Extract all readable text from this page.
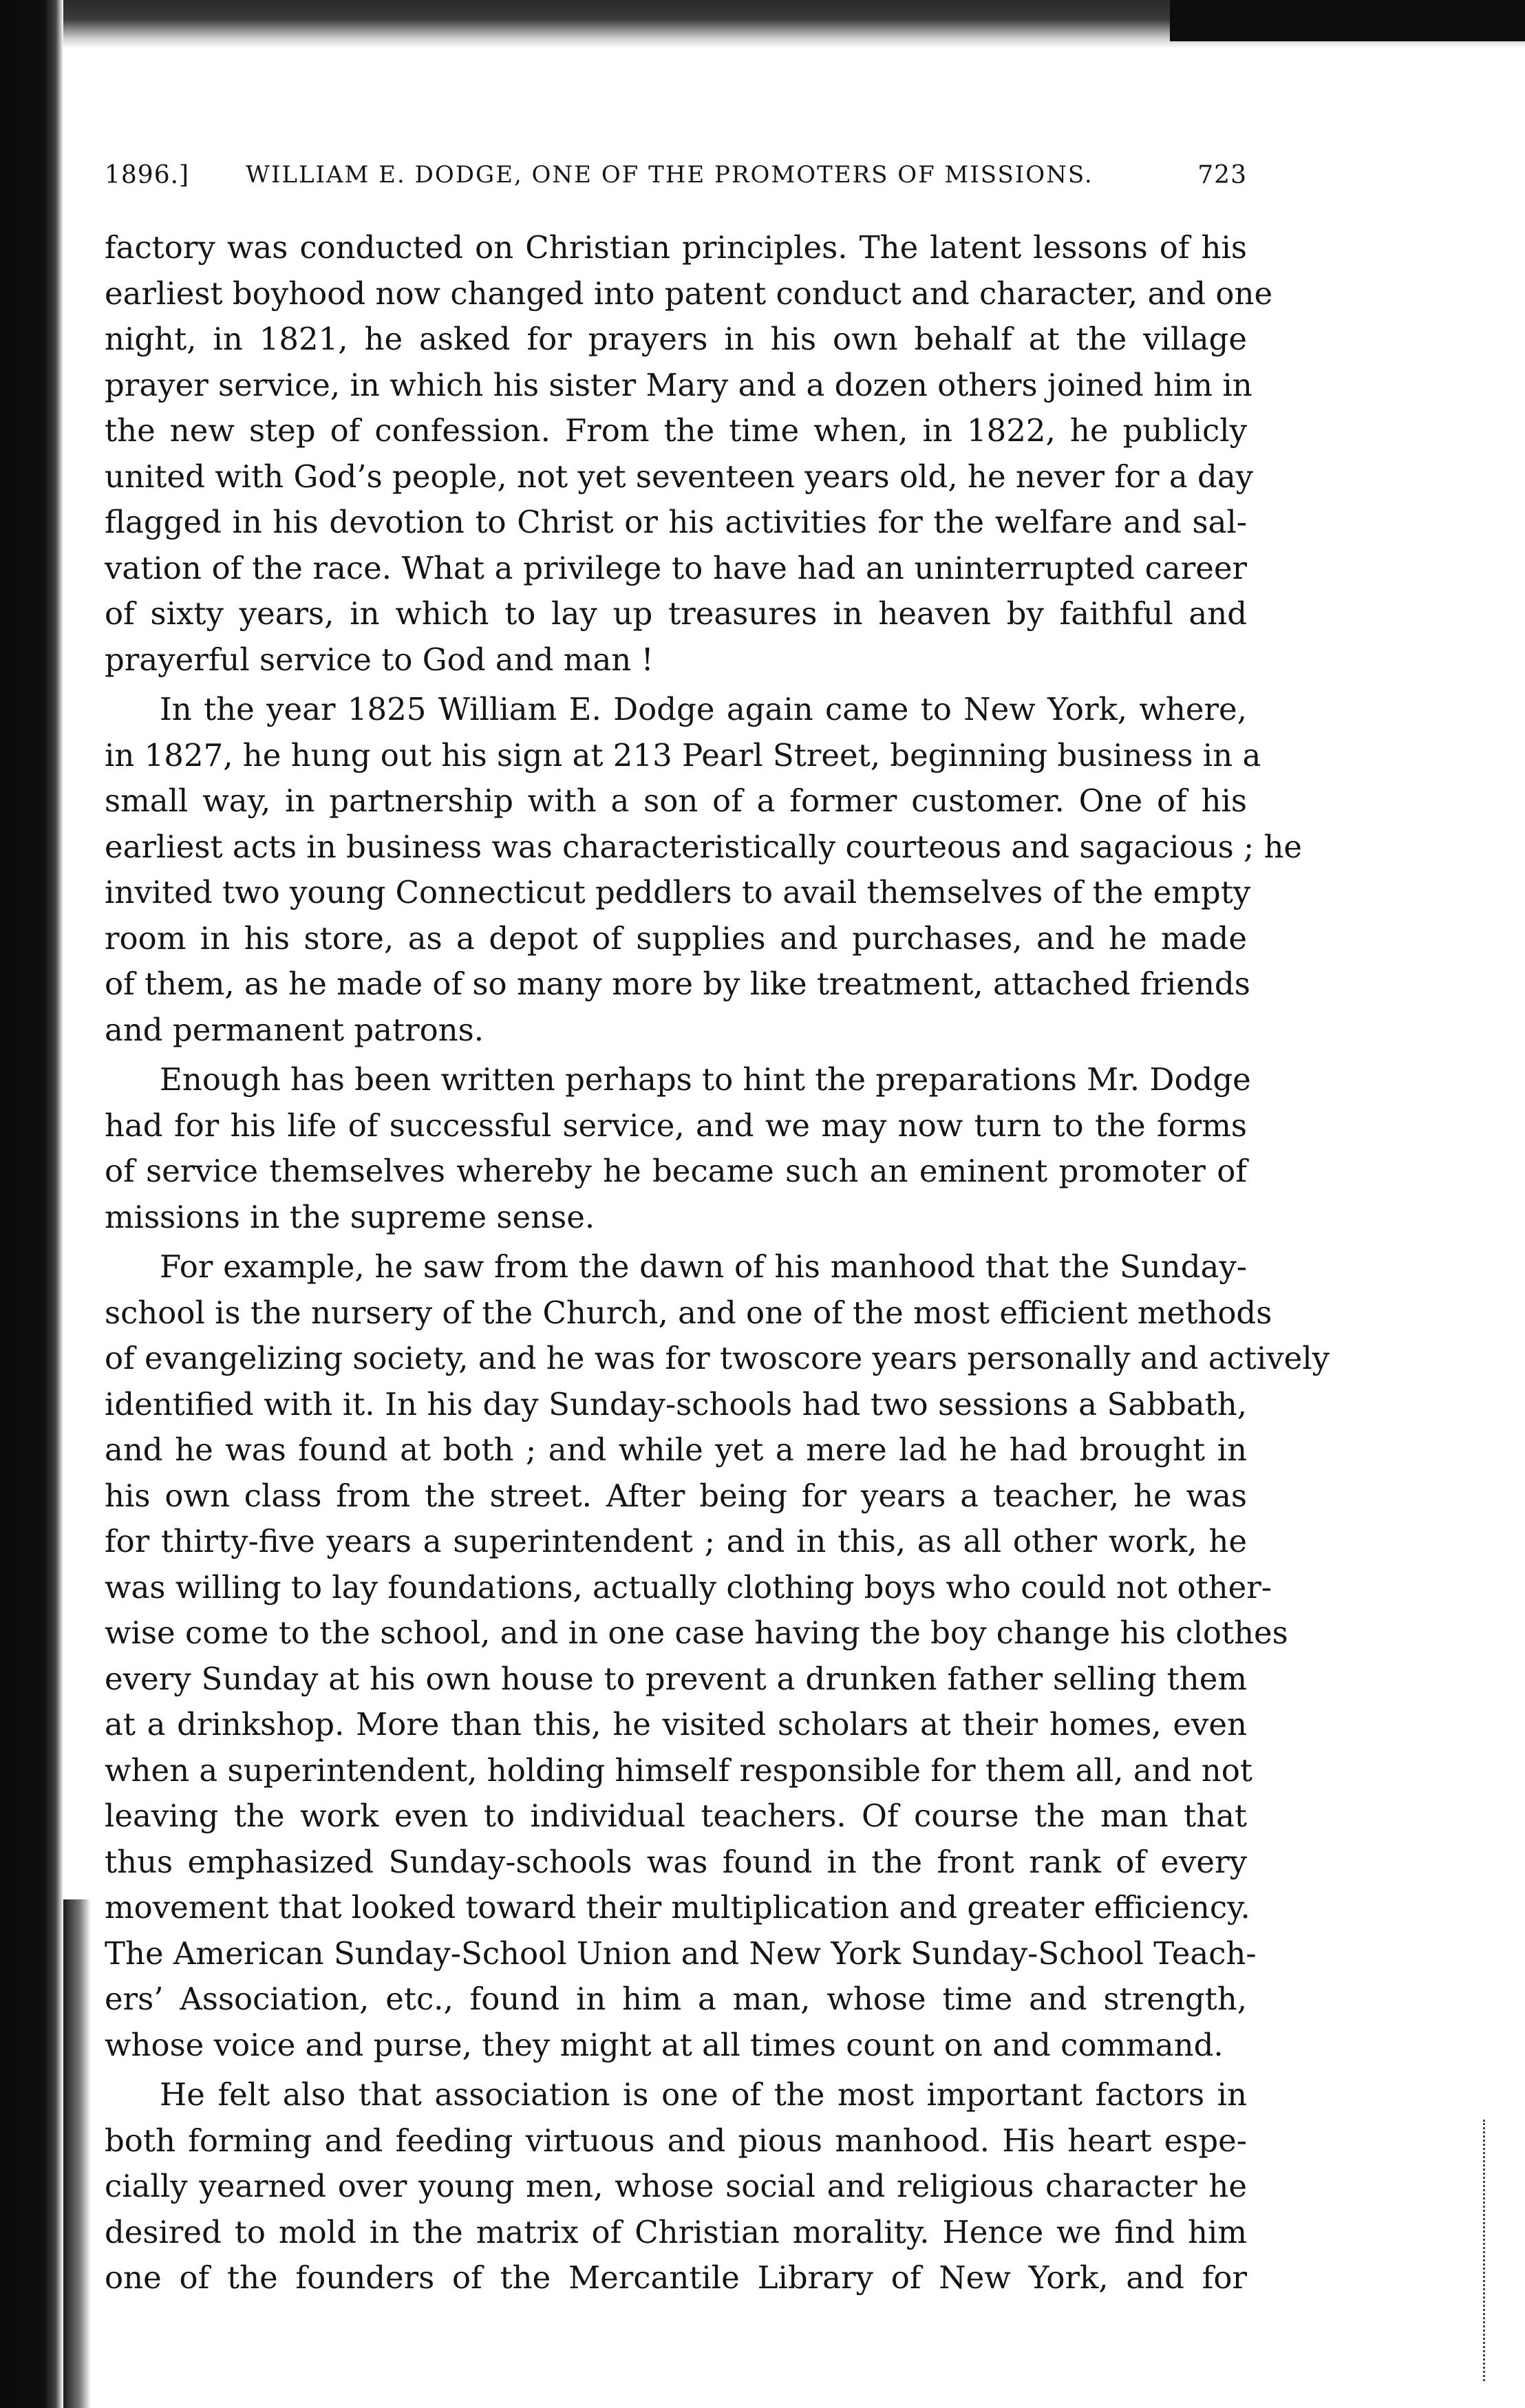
1896.] WILLIAM E. DODGE, ONE OF THE PROMOTERS OF MISSIONS.	723
factory was conducted on Christian principles. The latent lessons of his
earliest boyhood now changed into patent conduct and character, and one
night, in 1821, he asked for prayers in his own behalf at the village
prayer service, in which his sister Mary and a dozen others joined him in
the new step of confession. From the time when, in 1822, he publicly
united with God’s people, not yet seventeen years old, he never for a day
flagged in his devotion to Christ or his activities for the welfare and sal-
vation of the race. What a privilege to have had an uninterrupted career
of sixty years, in which to lay up treasures in heaven by faithful and
prayerful service to God and man !
In the year 1825 William E. Dodge again came to New York, where,
in 1827, he hung out his sign at 213 Pearl Street, beginning business in a
small way, in partnership with a son of a former customer. One of his
earliest acts in business was characteristically courteous and sagacious ; he
invited two young Connecticut peddlers to avail themselves of the empty
room in his store, as a depot of supplies and purchases, and he made
of them, as he made of so many more by like treatment, attached friends
and permanent patrons.
Enough has been written perhaps to hint the preparations Mr. Dodge
had for his life of successful service, and we may now turn to the forms
of service themselves whereby he became such an eminent promoter of
missions in the supreme sense.
For example, he saw from the dawn of his manhood that the Sunday-
school is the nursery of the Church, and one of the most efficient methods
of evangelizing society, and he was for twoscore years personally and actively
identified with it. In his day Sunday-schools had two sessions a Sabbath,
and he was found at both ; and while yet a mere lad he had brought in
his own class from the street. After being for years a teacher, he was
for thirty-five years a superintendent ; and in this, as all other work, he
was willing to lay foundations, actually clothing boys who could not other-
wise come to the school, and in one case having the boy change his clothes
every Sunday at his own house to prevent a drunken father selling them
at a drinkshop. More than this, he visited scholars at their homes, even
when a superintendent, holding himself responsible for them all, and not
leaving the work even to individual teachers. Of course the man that
thus emphasized Sunday-schools was found in the front rank of every
movement that looked toward their multiplication and greater efficiency.
The American Sunday-School Union and New York Sunday-School Teach-
ers’ Association, etc., found in him a man, whose time and strength,
whose voice and purse, they might at all times count on and command.
He felt also that association is one of the most important factors in
both forming and feeding virtuous and pious manhood. His heart espe-
cially yearned over young men, whose social and religious character he
desired to mold in the matrix of Christian morality. Hence we find him
one of the founders of the Mercantile Library of New York, and for
